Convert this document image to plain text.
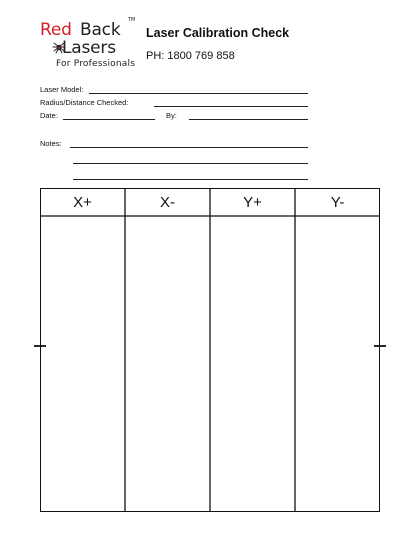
Red Back TM
Lasers
For Professionals
Laser Calibration Check
PH: 1800 769 858
Laser Model:
Radius/Distance Checked:
Date:	By:
Notes:
X+	X-	Y+	Y-
